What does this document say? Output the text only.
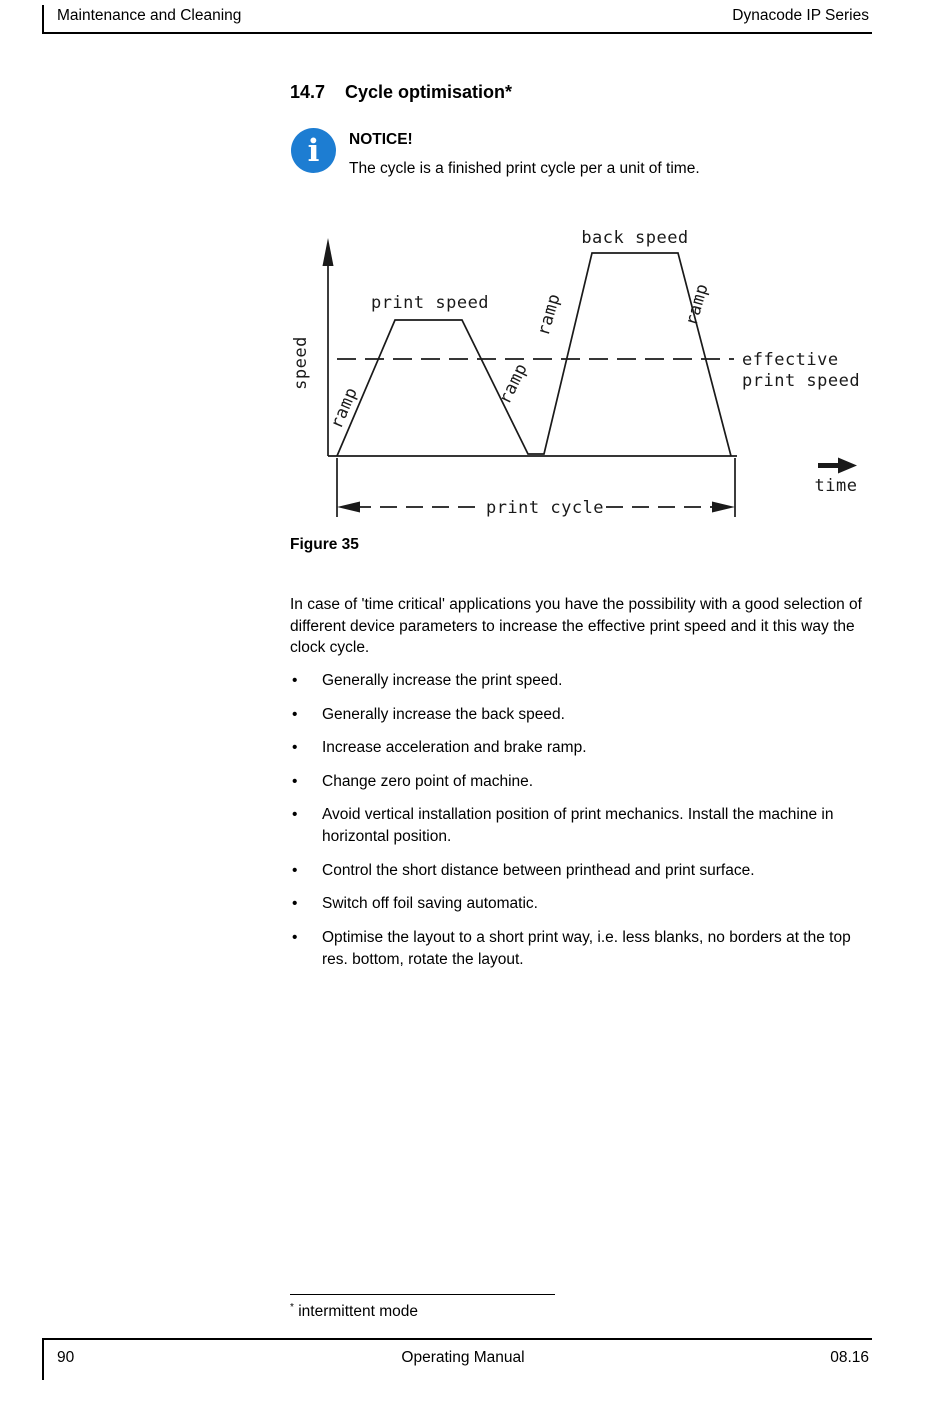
Maintenance and Cleaning	Dynacode IP Series
14.7	Cycle optimisation*
i	NOTICE!
The cycle is a finished print cycle per a unit of time.
speed
print speed
back speed
ramp
ramp
ramp	ramp
effective
print speed
time
print cycle
Figure 35
In case of 'time critical' applications you have the possibility with a good selection of different device parameters to increase the effective print speed and it this way the clock cycle.
•	Generally increase the print speed.
•	Generally increase the back speed.
•	Increase acceleration and brake ramp.
•	Change zero point of machine.
•	Avoid vertical installation position of print mechanics. Install the machine in horizontal position.
•	Control the short distance between printhead and print surface.
•	Switch off foil saving automatic.
•	Optimise the layout to a short print way, i.e. less blanks, no borders at the top res. bottom, rotate the layout.
* intermittent mode
90	Operating Manual	08.16
